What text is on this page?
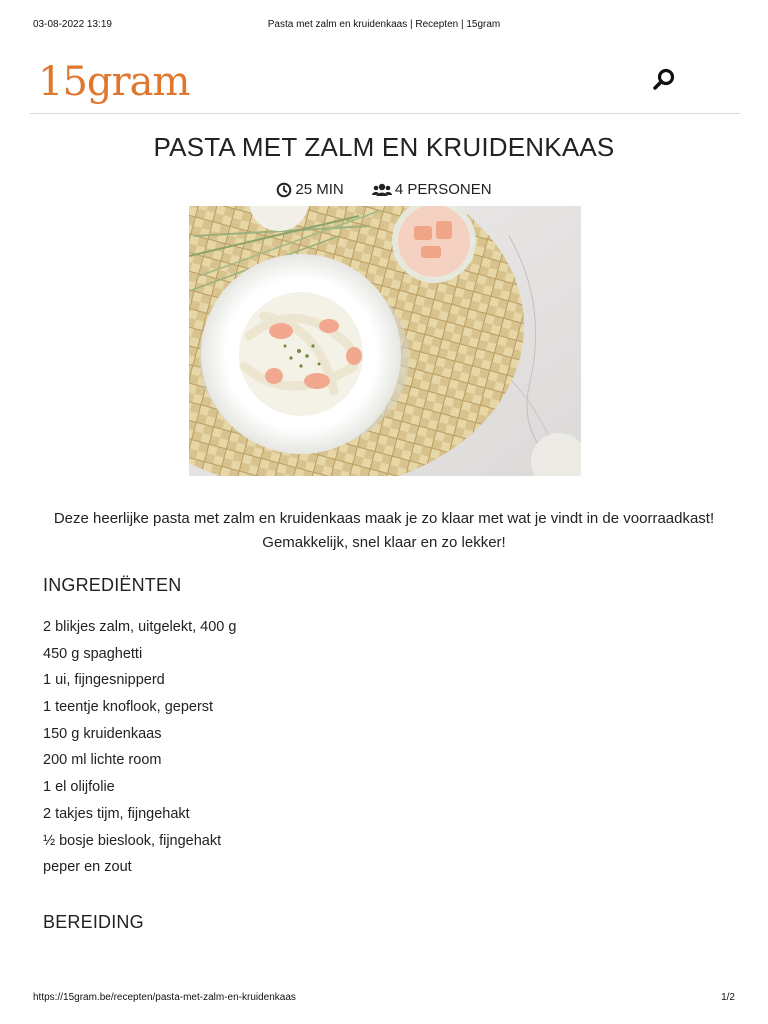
03-08-2022 13:19	Pasta met zalm en kruidenkaas | Recepten | 15gram
15gram
PASTA MET ZALM EN KRUIDENKAAS
25 MIN
	4 PERSONEN
Deze heerlijke pasta met zalm en kruidenkaas maak je zo klaar met wat je vindt in de voorraadkast! Gemakkelijk, snel klaar en zo lekker!
INGREDIËNTEN
2 blikjes zalm, uitgelekt, 400 g
450 g spaghetti
1 ui, fijngesnipperd
1 teentje knoflook, geperst
150 g kruidenkaas
200 ml lichte room
1 el olijfolie
2 takjes tijm, fijngehakt
½ bosje bieslook, fijngehakt
peper en zout
BEREIDING
https://15gram.be/recepten/pasta-met-zalm-en-kruidenkaas	1/2
